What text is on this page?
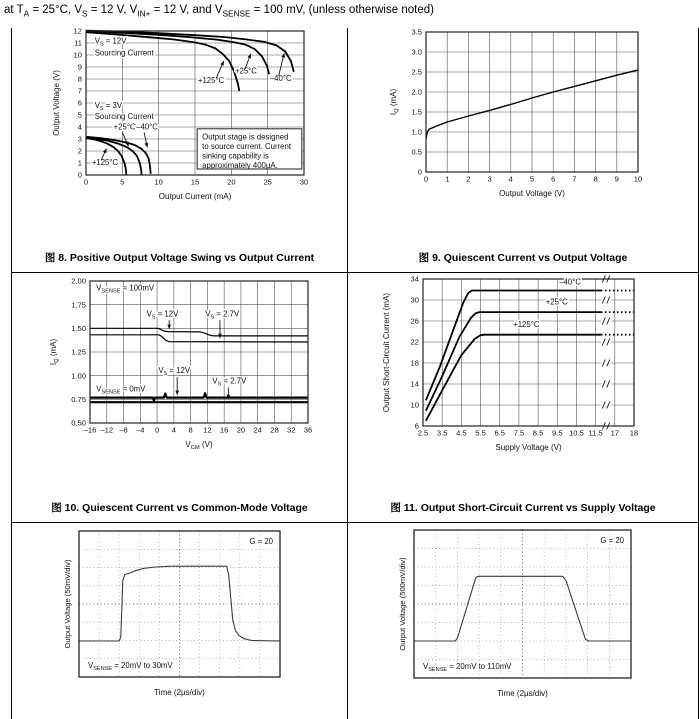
at $T_A = 25^\circ C$, $V_S = 12$ V, $V_{IN+} = 12$ V, and $V_{SENSE} = 100$ mV, (unless otherwise noted)
Output stage is designed
to source current. Current
sinking capability is
approximately 400µA.
0	5	10	15	20	25	30
0
1
2
3
4
5
6
7
8
9
10
11
12
$V_S = 12V$
Sourcing Current
+125°C
+25°C
–40°C
$V_S = 3V$
Sourcing Current
+25°C –40°C
+125°C
Output Current (mA)
Output Voltage (V)
图 8. Positive Output Voltage Swing vs Output Current
0 1 2 3 4 5 6 7 8 9 10
0
0.5
1.0
1.5
2.0
2.5
3.0
3.5
Output Voltage (V)
$I_Q$ (mA)
图 9. Quiescent Current vs Output Voltage
–16 –12 –8 –4 0 4 8 12 16 20 24 28 32 36
0.50
0.75
1.00
1.25
1.50
1.75
2.00
$V_{SENSE} = 100mV$
$V_S = 12V$	$V_S = 2.7V$
$V_S = 12V$
$V_S = 2.7V$
$V_{SENSE} = 0mV$
$V_{CM}$ (V)
$I_Q$ (mA)
图 10. Quiescent Current vs Common-Mode Voltage
2.5 3.5 4.5 5.5 6.5 7.5 8.5 9.5 10.5 11.5 17 18
6
10
14
18
22
26
30
34	–40°C
+25°C
+125°C
Supply Voltage (V)
Output Short-Circuit Current (mA)
图 11. Output Short-Circuit Current vs Supply Voltage
G = 20
$V_{SENSE} = 20mV$ to 30mV
Time (2µs/div)
Output Voltage (50mV/div)
G = 20
$V_{SENSE} = 20mV$ to 110mV
Time (2µs/div)
Output Voltage (500mV/div)
